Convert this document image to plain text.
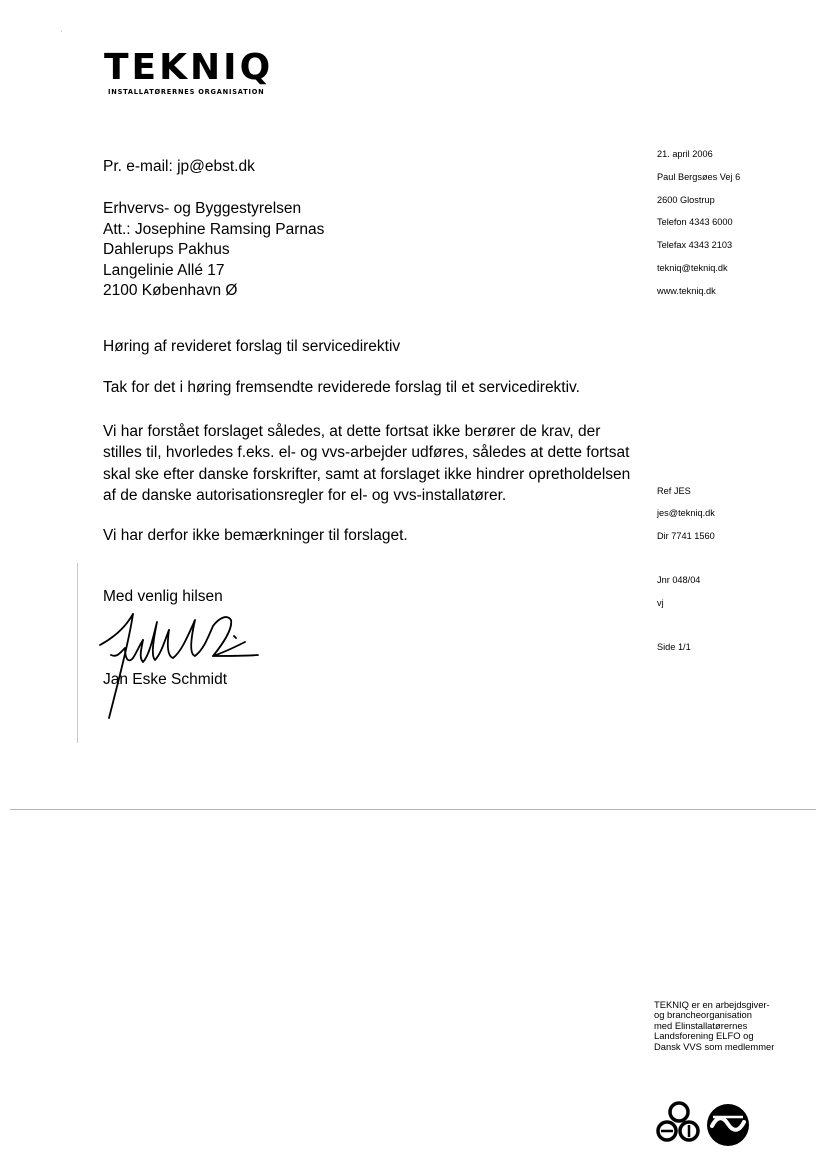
ˊ
TEKNIQ
INSTALLATØRERNES ORGANISATION
21. april 2006
Paul Bergsøes Vej 6
2600 Glostrup
Telefon 4343 6000
Telefax 4343 2103
tekniq@tekniq.dk
www.tekniq.dk
Ref JES
jes@tekniq.dk
Dir 7741 1560
Jnr 048/04
vj
Side 1/1
Pr. e-mail: jp@ebst.dk
Erhvervs- og Byggestyrelsen
Att.: Josephine Ramsing Parnas
Dahlerups Pakhus
Langelinie Allé 17
2100 København Ø
Høring af revideret forslag til servicedirektiv
Tak for det i høring fremsendte reviderede forslag til et servicedirektiv.
Vi har forstået forslaget således, at dette fortsat ikke berører de krav, der
stilles til, hvorledes f.eks. el- og vvs-arbejder udføres, således at dette fortsat
skal ske efter danske forskrifter, samt at forslaget ikke hindrer opretholdelsen
af de danske autorisationsregler for el- og vvs-installatører.
Vi har derfor ikke bemærkninger til forslaget.
Med venlig hilsen
Jan Eske Schmidt
TEKNIQ er en arbejdsgiver-
og brancheorganisation
med Elinstallatørernes
Landsforening ELFO og
Dansk VVS som medlemmer
